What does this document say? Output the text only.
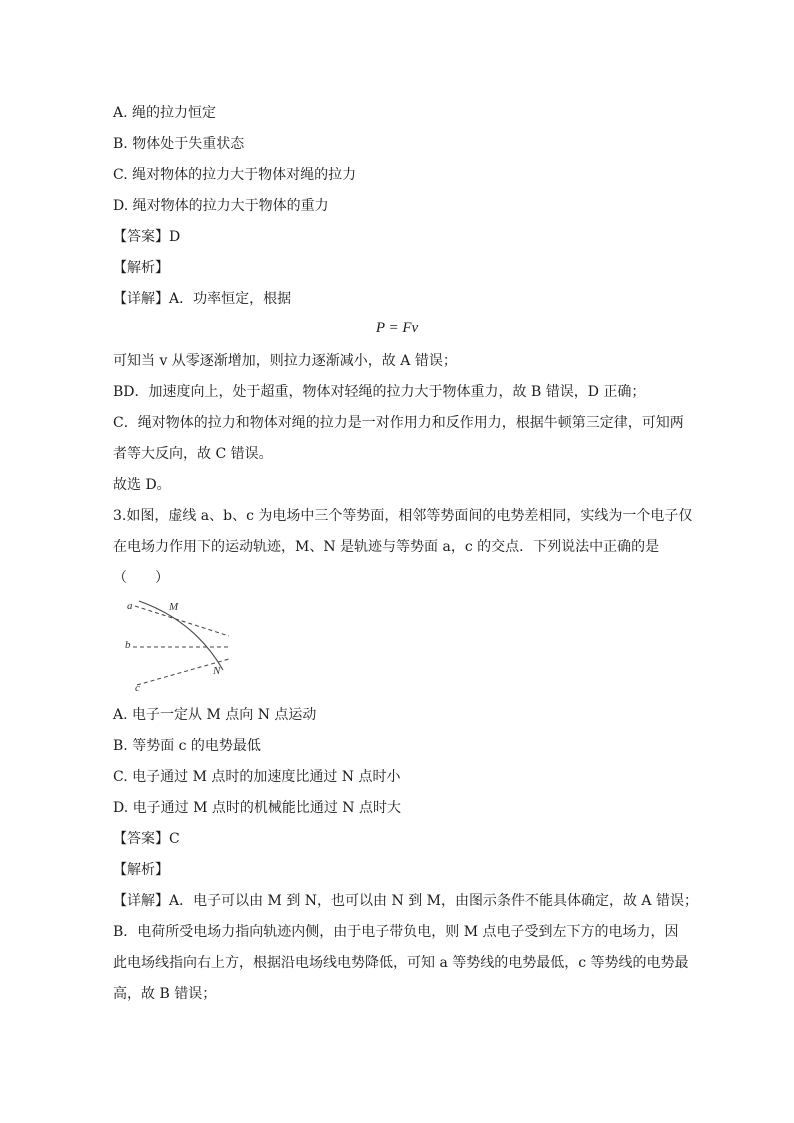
A. 绳的拉力恒定
B. 物体处于失重状态
C. 绳对物体的拉力大于物体对绳的拉力
D. 绳对物体的拉力大于物体的重力
【答案】D
【解析】
【详解】A．功率恒定，根据
P = Fv
可知当 v 从零逐渐增加，则拉力逐渐减小，故 A 错误；
BD．加速度向上，处于超重，物体对轻绳的拉力大于物体重力，故 B 错误，D 正确；
C．绳对物体的拉力和物体对绳的拉力是一对作用力和反作用力，根据牛顿第三定律，可知两
者等大反向，故 C 错误。
故选 D。
3.如图，虚线 a、b、c 为电场中三个等势面，相邻等势面间的电势差相同，实线为一个电子仅
在电场力作用下的运动轨迹，M、N 是轨迹与等势面 a，c 的交点．下列说法中正确的是
（　　）
a
b
c
M
N
A. 电子一定从 M 点向 N 点运动
B. 等势面 c 的电势最低
C. 电子通过 M 点时的加速度比通过 N 点时小
D. 电子通过 M 点时的机械能比通过 N 点时大
【答案】C
【解析】
【详解】A．电子可以由 M 到 N，也可以由 N 到 M，由图示条件不能具体确定，故 A 错误；
B．电荷所受电场力指向轨迹内侧，由于电子带负电，则 M 点电子受到左下方的电场力，因
此电场线指向右上方，根据沿电场线电势降低，可知 a 等势线的电势最低，c 等势线的电势最
高，故 B 错误；
